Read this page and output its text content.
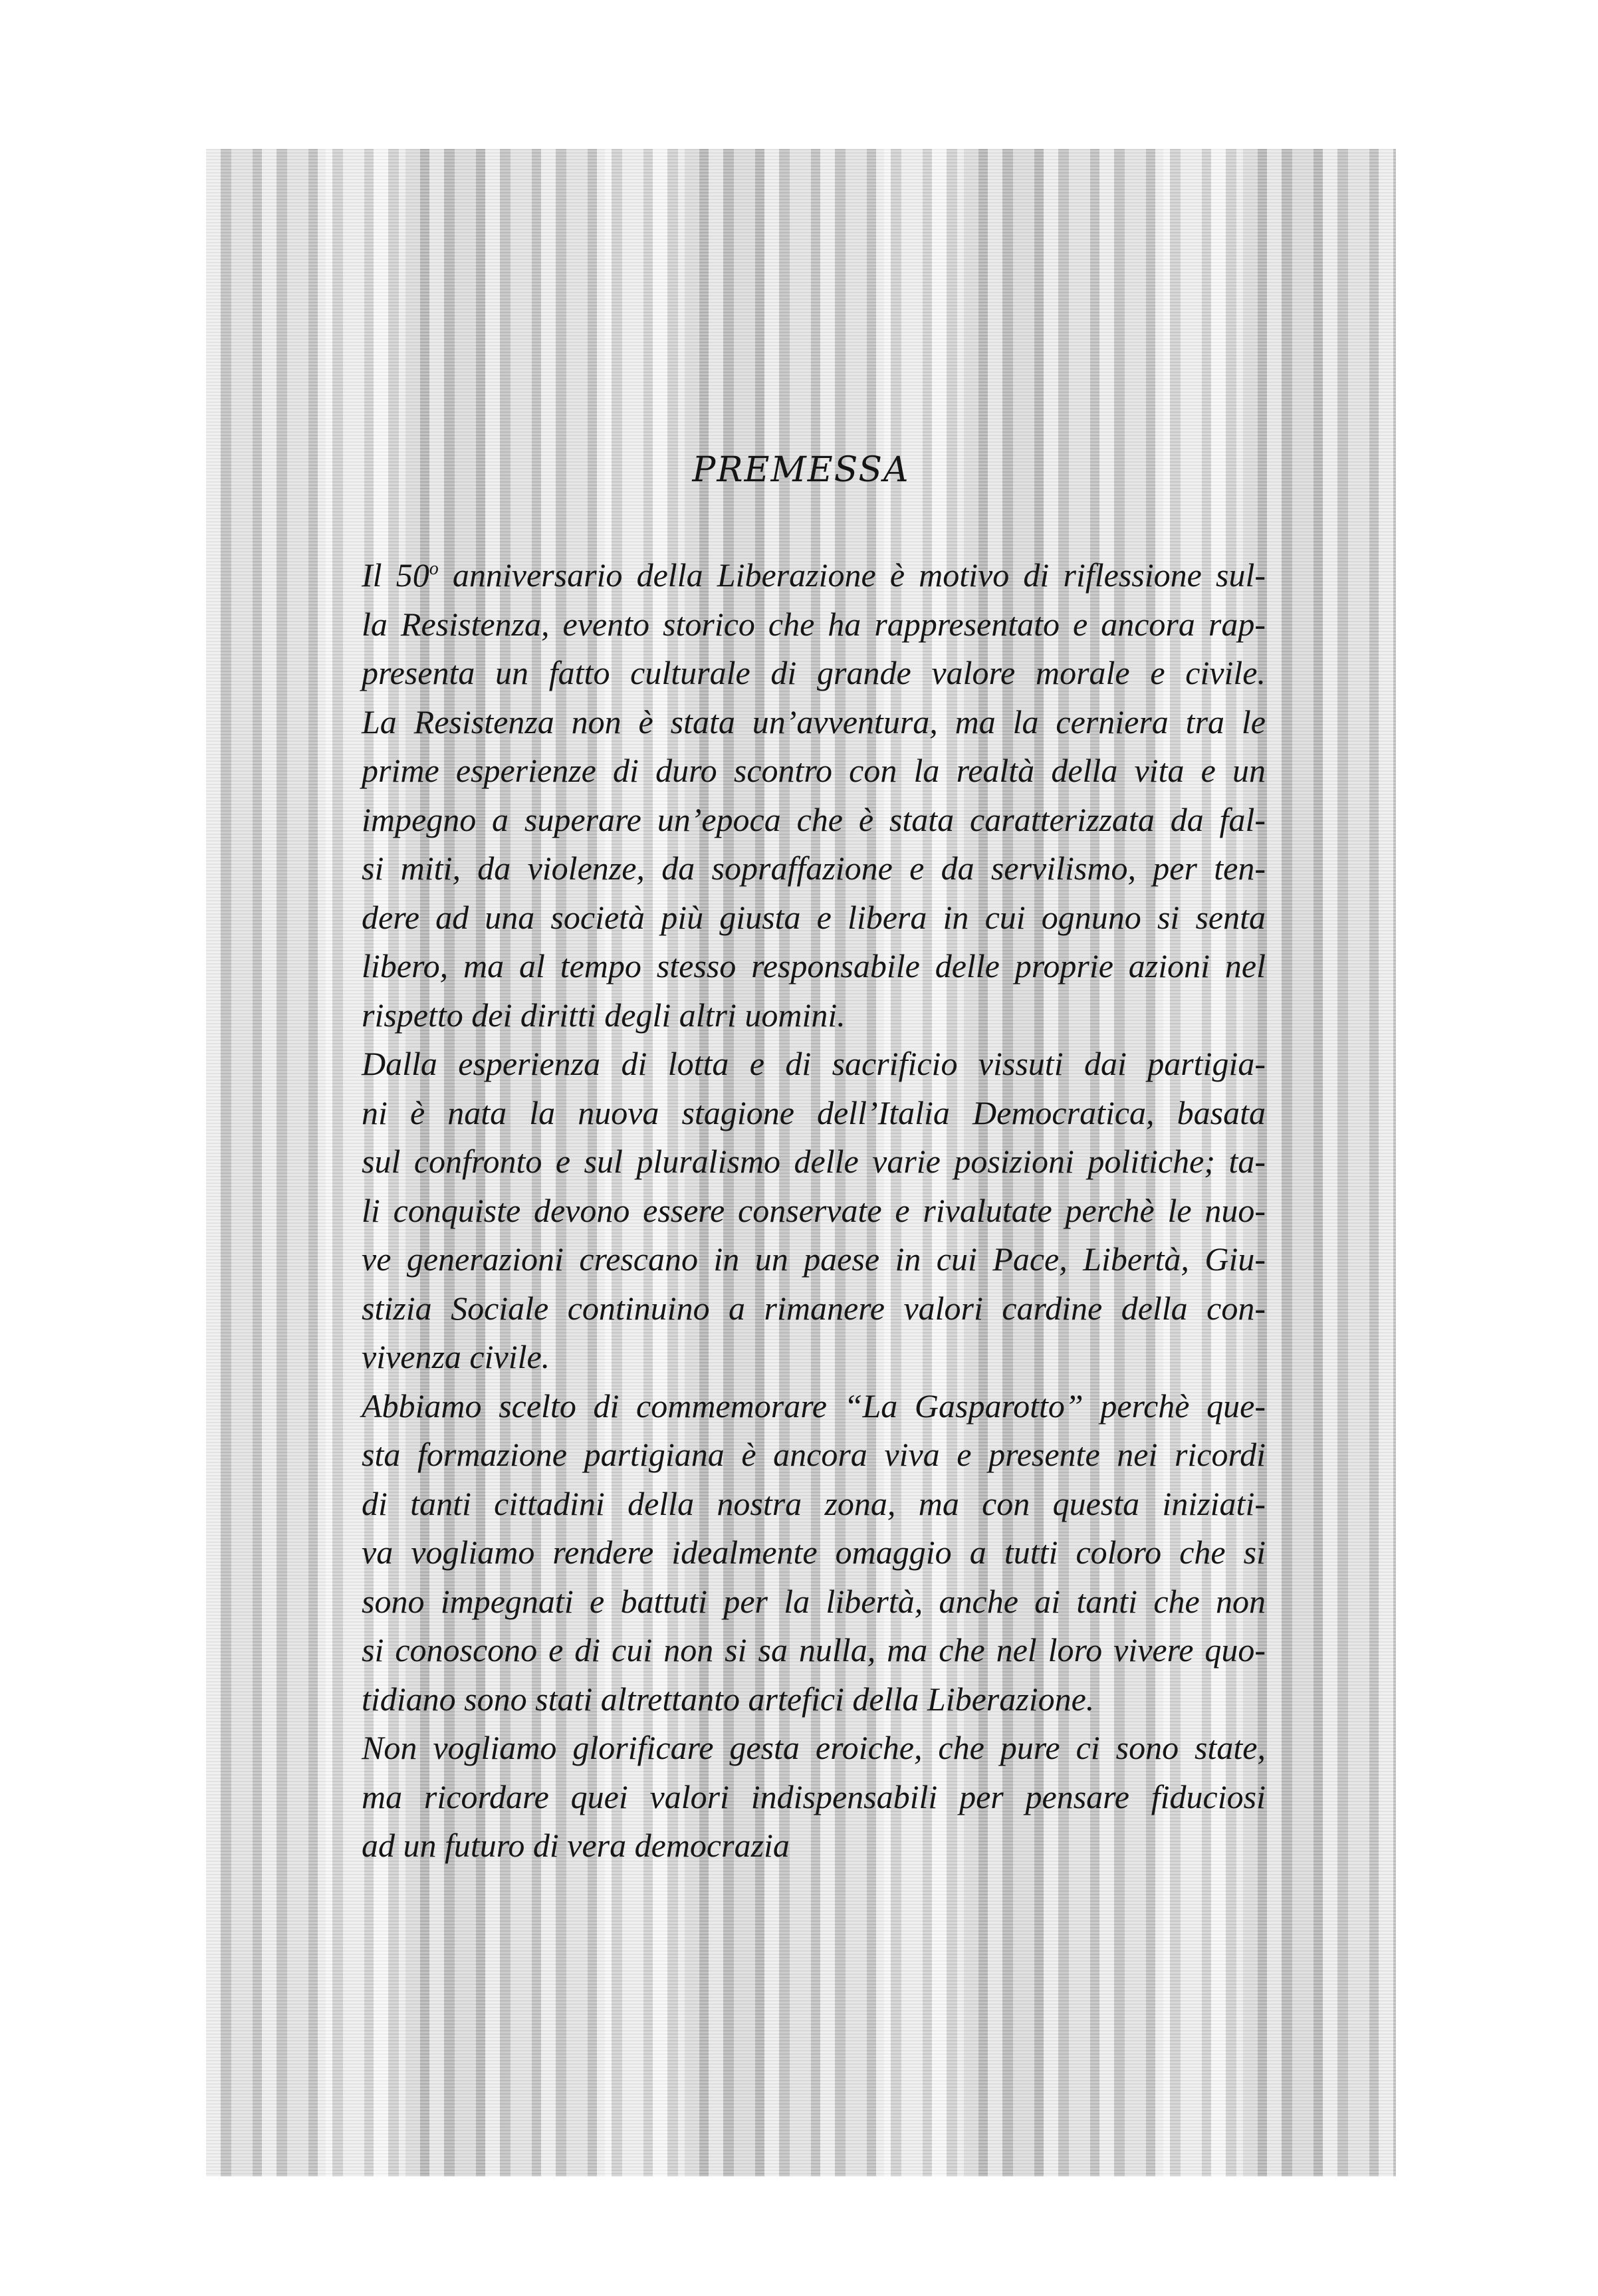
PREMESSA
Il 50$^o$ anniversario della Liberazione è motivo di riflessione sul-
la Resistenza, evento storico che ha rappresentato e ancora rap-
presenta un fatto culturale di grande valore morale e civile.
La Resistenza non è stata un’avventura, ma la cerniera tra le
prime esperienze di duro scontro con la realtà della vita e un
impegno a superare un’epoca che è stata caratterizzata da fal-
si miti, da violenze, da sopraffazione e da servilismo, per ten-
dere ad una società più giusta e libera in cui ognuno si senta
libero, ma al tempo stesso responsabile delle proprie azioni nel
rispetto dei diritti degli altri uomini.
Dalla esperienza di lotta e di sacrificio vissuti dai partigia-
ni è nata la nuova stagione dell’Italia Democratica, basata
sul confronto e sul pluralismo delle varie posizioni politiche; ta-
li conquiste devono essere conservate e rivalutate perchè le nuo-
ve generazioni crescano in un paese in cui Pace, Libertà, Giu-
stizia Sociale continuino a rimanere valori cardine della con-
vivenza civile.
Abbiamo scelto di commemorare “La Gasparotto” perchè que-
sta formazione partigiana è ancora viva e presente nei ricordi
di tanti cittadini della nostra zona, ma con questa iniziati-
va vogliamo rendere idealmente omaggio a tutti coloro che si
sono impegnati e battuti per la libertà, anche ai tanti che non
si conoscono e di cui non si sa nulla, ma che nel loro vivere quo-
tidiano sono stati altrettanto artefici della Liberazione.
Non vogliamo glorificare gesta eroiche, che pure ci sono state,
ma ricordare quei valori indispensabili per pensare fiduciosi
ad un futuro di vera democrazia
